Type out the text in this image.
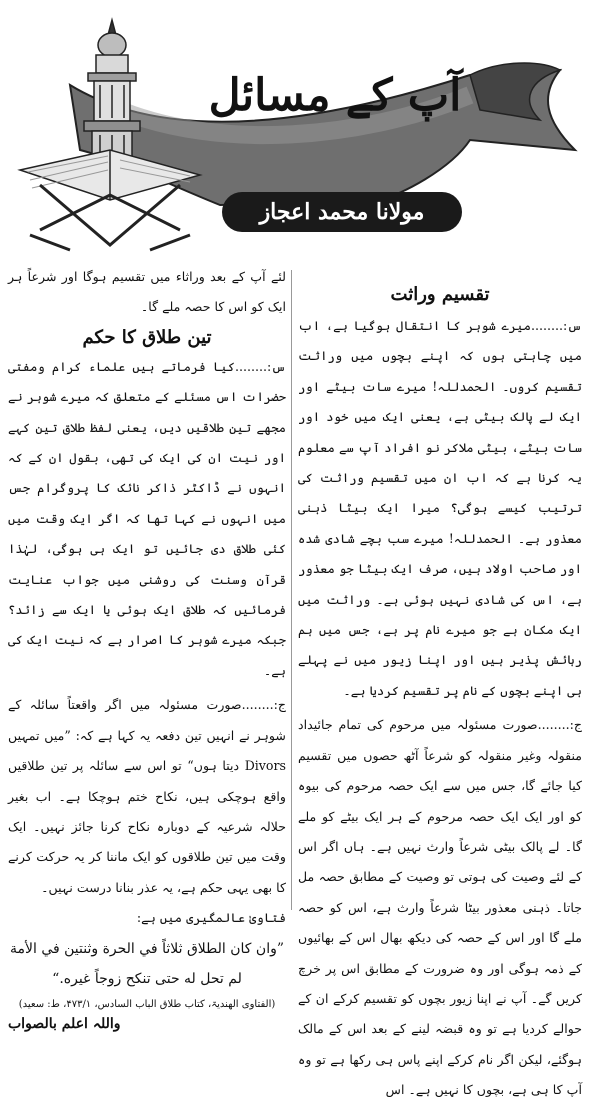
آپ کے مسائل
مولانا محمد اعجاز مصطفیٰ

تقسیم وراثت

س:........میرے شوہر کا انتقال ہوگیا ہے، اب میں چاہتی ہوں کہ اپنے بچوں میں وراثت تقسیم کروں۔ الحمدللہ! میرے سات بیٹے اور ایک لے پالک بیٹی ہے، یعنی ایک میں خود اور سات بیٹے، بیٹی ملاکر نو افراد آپ سے معلوم یہ کرنا ہے کہ اب ان میں تقسیم وراثت کی ترتیب کیسے ہوگی؟ میرا ایک بیٹا ذہنی معذور ہے۔ الحمدللہ! میرے سب بچے شادی شدہ اور صاحب اولاد ہیں، صرف ایک بیٹا جو معذور ہے، اس کی شادی نہیں ہوئی ہے۔ وراثت میں ایک مکان ہے جو میرے نام پر ہے، جس میں ہم رہائش پذیر ہیں اور اپنا زیور میں نے پہلے ہی اپنے بچوں کے نام پر تقسیم کردیا ہے۔

ج:........صورت مسئولہ میں مرحوم کی تمام جائیداد منقولہ وغیر منقولہ کو شرعاً آٹھ حصوں میں تقسیم کیا جائے گا، جس میں سے ایک حصہ مرحوم کی بیوہ کو اور ایک ایک حصہ مرحوم کے ہر ایک بیٹے کو ملے گا۔ لے پالک بیٹی شرعاً وارث نہیں ہے۔ ہاں اگر اس کے لئے وصیت کی ہوتی تو وصیت کے مطابق حصہ مل جاتا۔ ذہنی معذور بیٹا شرعاً وارث ہے، اس کو حصہ ملے گا اور اس کے حصہ کی دیکھ بھال اس کے بھائیوں کے ذمہ ہوگی اور وہ ضرورت کے مطابق اس پر خرچ کریں گے۔ آپ نے اپنا زیور بچوں کو تقسیم کرکے ان کے حوالے کردیا ہے تو وہ قبضہ لینے کے بعد اس کے مالک ہوگئے، لیکن اگر نام کرکے اپنے پاس ہی رکھا ہے تو وہ آپ کا ہی ہے، بچوں کا نہیں ہے۔ اس

لئے آپ کے بعد وراثاء میں تقسیم ہوگا اور شرعاً ہر ایک کو اس کا حصہ ملے گا۔

تین طلاق کا حکم

س:........کیا فرماتے ہیں علماء کرام ومفتی حضرات اس مسئلے کے متعلق کہ میرے شوہر نے مجھے تین طلاقیں دیں، یعنی لفظ طلاق تین کہے اور نیت ان کی ایک کی تھی، بقول ان کے کہ انہوں نے ڈاکٹر ذاکر نائک کا پروگرام جس میں انہوں نے کہا تھا کہ اگر ایک وقت میں کئی طلاق دی جائیں تو ایک ہی ہوگی، لہٰذا قرآن وسنت کی روشنی میں جواب عنایت فرمائیں کہ طلاق ایک ہوئی یا ایک سے زائد؟ جبکہ میرے شوہر کا اصرار ہے کہ نیت ایک کی ہے۔

ج:........صورت مسئولہ میں اگر واقعتاً سائلہ کے شوہر نے انہیں تین دفعہ یہ کہا ہے کہ: ”میں تمہیں Divors دیتا ہوں“ تو اس سے سائلہ پر تین طلاقیں واقع ہوچکی ہیں، نکاح ختم ہوچکا ہے۔ اب بغیر حلالہ شرعیہ کے دوبارہ نکاح کرنا جائز نہیں۔ ایک وقت میں تین طلاقوں کو ایک ماننا کر یہ حرکت کرنے کا بھی یہی حکم ہے، یہ عذر بنانا درست نہیں۔

فتاویٰ عالمگیری میں ہے:

”وان كان الطلاق ثلاثاً في الحرة وثنتين في الأمة

لم تحل له حتى تنكح زوجاً غيره.“

(الفتاوی الھندیۃ، کتاب طلاق الباب السادس، ۴۷۳/۱، ط: سعید)

واللہ اعلم بالصواب
